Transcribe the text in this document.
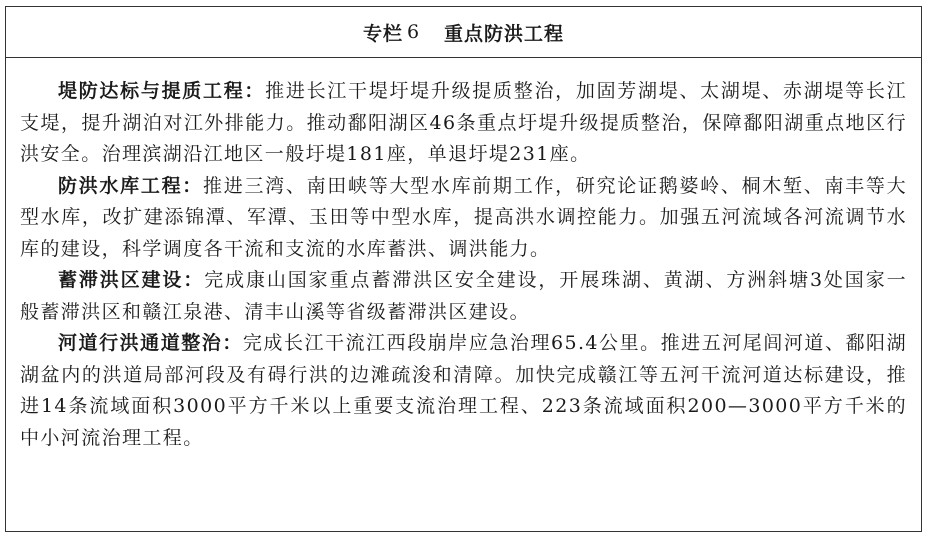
专栏 6 重点防洪工程

堤防达标与提质工程：推进长江干堤圩堤升级提质整治，加固芳湖堤、太湖堤、赤湖堤等长江支堤，提升湖泊对江外排能力。推动鄱阳湖区46条重点圩堤升级提质整治，保障鄱阳湖重点地区行洪安全。治理滨湖沿江地区一般圩堤181座，单退圩堤231座。

防洪水库工程：推进三湾、南田峡等大型水库前期工作，研究论证鹅婆岭、桐木堑、南丰等大型水库，改扩建添锦潭、军潭、玉田等中型水库，提高洪水调控能力。加强五河流域各河流调节水库的建设，科学调度各干流和支流的水库蓄洪、调洪能力。

蓄滞洪区建设：完成康山国家重点蓄滞洪区安全建设，开展珠湖、黄湖、方洲斜塘3处国家一般蓄滞洪区和赣江泉港、清丰山溪等省级蓄滞洪区建设。

河道行洪通道整治：完成长江干流江西段崩岸应急治理65.4公里。推进五河尾闾河道、鄱阳湖湖盆内的洪道局部河段及有碍行洪的边滩疏浚和清障。加快完成赣江等五河干流河道达标建设，推进14条流域面积3000平方千米以上重要支流治理工程、223条流域面积200—3000平方千米的中小河流治理工程。
